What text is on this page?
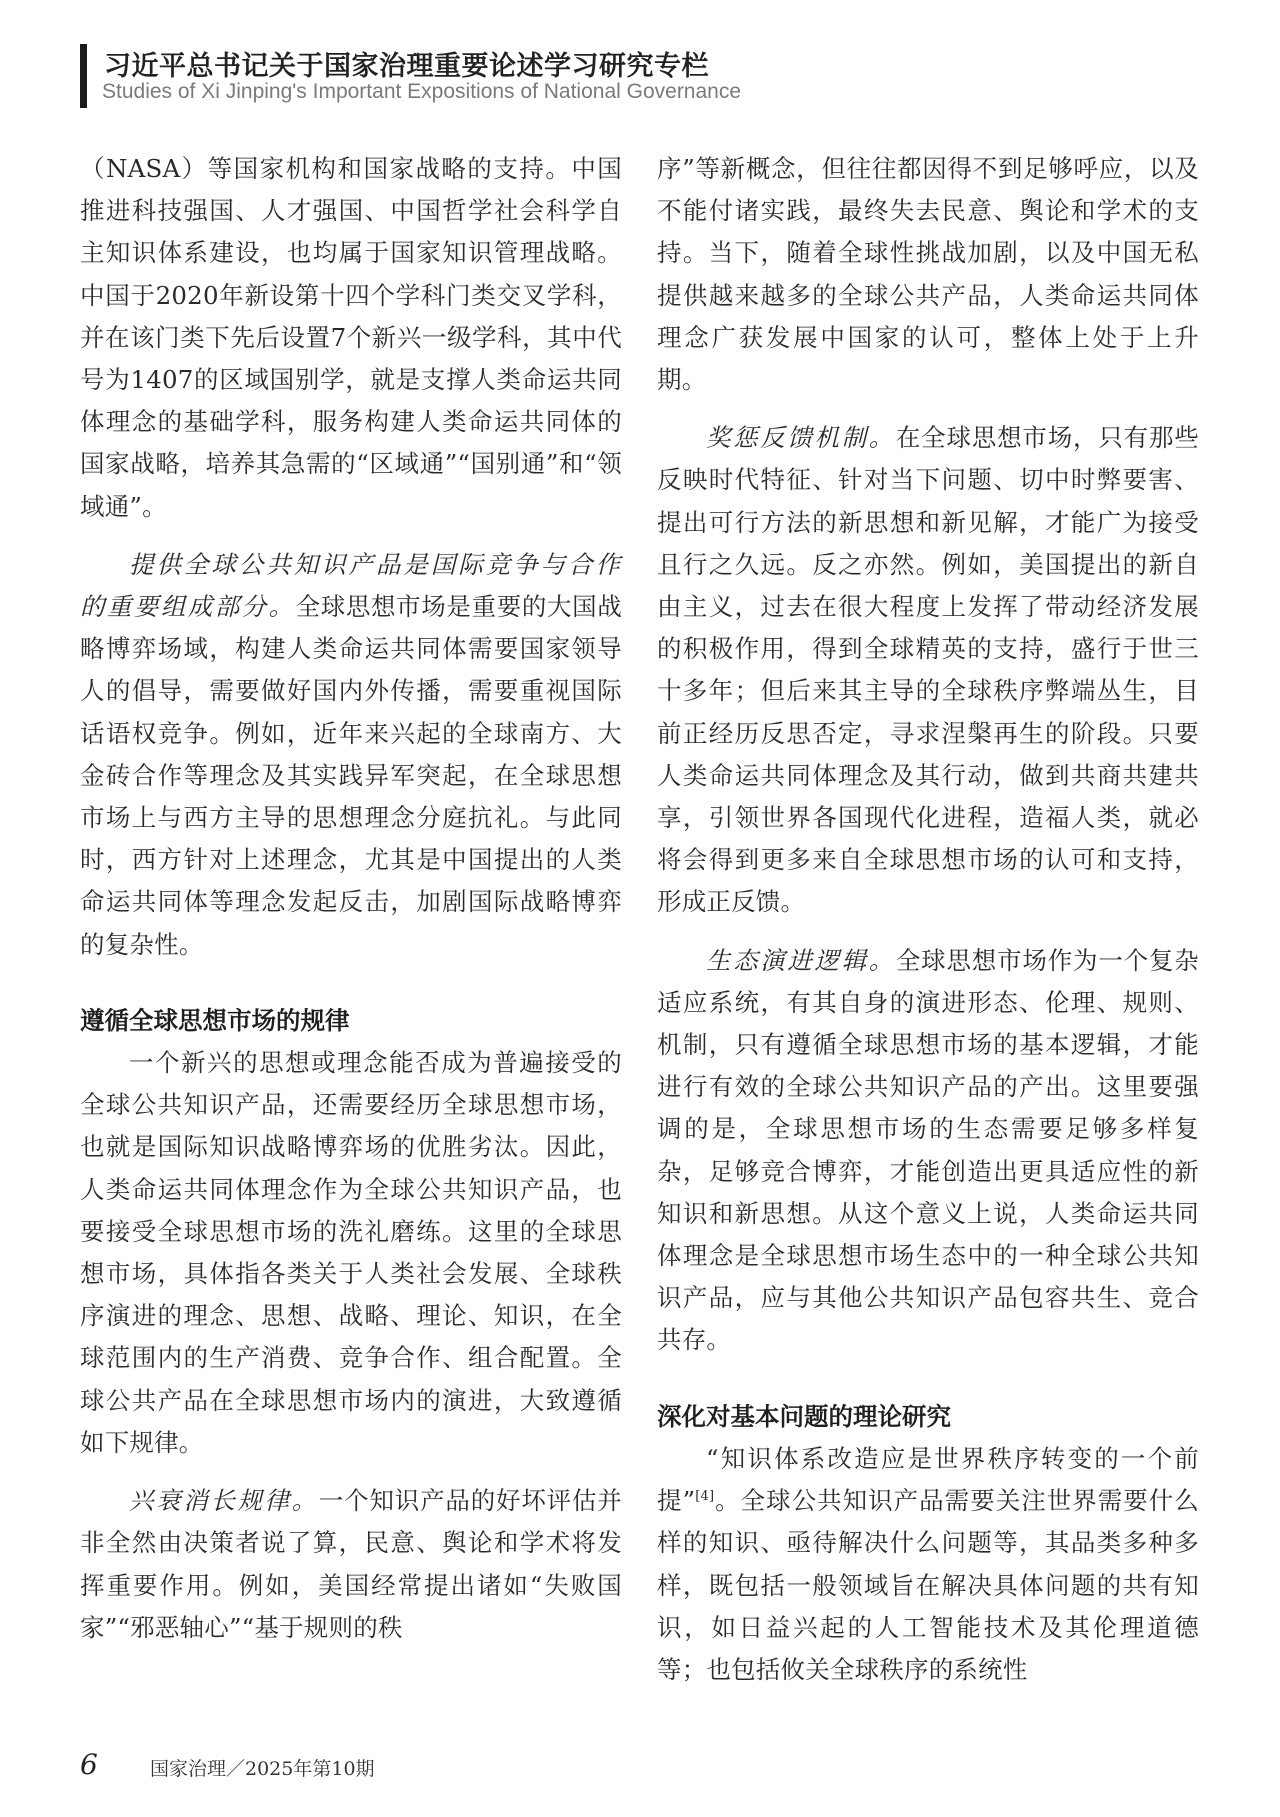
习近平总书记关于国家治理重要论述学习研究专栏
Studies of Xi Jinping's Important Expositions of National Governance

（NASA）等国家机构和国家战略的支持。中国推进科技强国、人才强国、中国哲学社会科学自主知识体系建设，也均属于国家知识管理战略。中国于2020年新设第十四个学科门类交叉学科，并在该门类下先后设置7个新兴一级学科，其中代号为1407的区域国别学，就是支撑人类命运共同体理念的基础学科，服务构建人类命运共同体的国家战略，培养其急需的“区域通”“国别通”和“领域通”。

提供全球公共知识产品是国际竞争与合作的重要组成部分。全球思想市场是重要的大国战略博弈场域，构建人类命运共同体需要国家领导人的倡导，需要做好国内外传播，需要重视国际话语权竞争。例如，近年来兴起的全球南方、大金砖合作等理念及其实践异军突起，在全球思想市场上与西方主导的思想理念分庭抗礼。与此同时，西方针对上述理念，尤其是中国提出的人类命运共同体等理念发起反击，加剧国际战略博弈的复杂性。

遵循全球思想市场的规律

一个新兴的思想或理念能否成为普遍接受的全球公共知识产品，还需要经历全球思想市场，也就是国际知识战略博弈场的优胜劣汰。因此，人类命运共同体理念作为全球公共知识产品，也要接受全球思想市场的洗礼磨练。这里的全球思想市场，具体指各类关于人类社会发展、全球秩序演进的理念、思想、战略、理论、知识，在全球范围内的生产消费、竞争合作、组合配置。全球公共产品在全球思想市场内的演进，大致遵循如下规律。

兴衰消长规律。一个知识产品的好坏评估并非全然由决策者说了算，民意、舆论和学术将发挥重要作用。例如，美国经常提出诸如“失败国家”“邪恶轴心”“基于规则的秩

序”等新概念，但往往都因得不到足够呼应，以及不能付诸实践，最终失去民意、舆论和学术的支持。当下，随着全球性挑战加剧，以及中国无私提供越来越多的全球公共产品，人类命运共同体理念广获发展中国家的认可，整体上处于上升期。

奖惩反馈机制。在全球思想市场，只有那些反映时代特征、针对当下问题、切中时弊要害、提出可行方法的新思想和新见解，才能广为接受且行之久远。反之亦然。例如，美国提出的新自由主义，过去在很大程度上发挥了带动经济发展的积极作用，得到全球精英的支持，盛行于世三十多年；但后来其主导的全球秩序弊端丛生，目前正经历反思否定，寻求涅槃再生的阶段。只要人类命运共同体理念及其行动，做到共商共建共享，引领世界各国现代化进程，造福人类，就必将会得到更多来自全球思想市场的认可和支持，形成正反馈。

生态演进逻辑。全球思想市场作为一个复杂适应系统，有其自身的演进形态、伦理、规则、机制，只有遵循全球思想市场的基本逻辑，才能进行有效的全球公共知识产品的产出。这里要强调的是，全球思想市场的生态需要足够多样复杂，足够竞合博弈，才能创造出更具适应性的新知识和新思想。从这个意义上说，人类命运共同体理念是全球思想市场生态中的一种全球公共知识产品，应与其他公共知识产品包容共生、竞合共存。

深化对基本问题的理论研究

“知识体系改造应是世界秩序转变的一个前提”[4]。全球公共知识产品需要关注世界需要什么样的知识、亟待解决什么问题等，其品类多种多样，既包括一般领域旨在解决具体问题的共有知识，如日益兴起的人工智能技术及其伦理道德等；也包括攸关全球秩序的系统性

6	国家治理／2025年第10期
